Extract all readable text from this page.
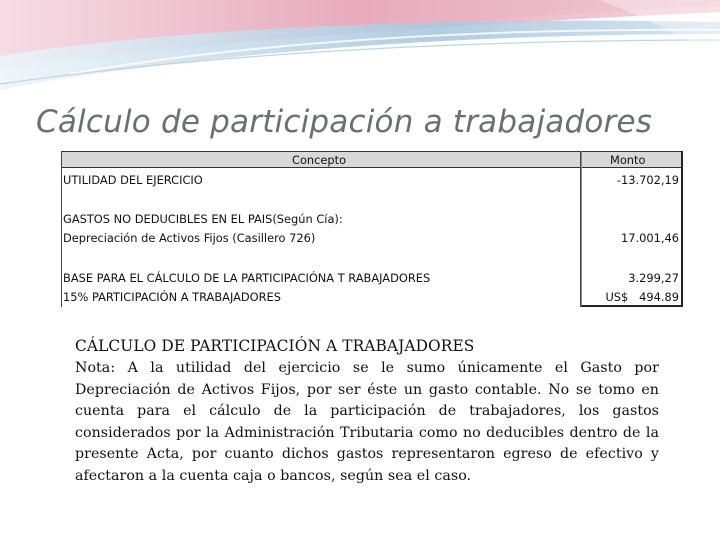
Cálculo de participación a trabajadores
Concepto	Monto
UTILIDAD DEL EJERCICIO	-13.702,19
GASTOS NO DEDUCIBLES EN EL PAIS(Según Cía):
Depreciación de Activos Fijos (Casillero 726)	17.001,46
BASE PARA EL CÁLCULO DE LA PARTICIPACIÓNA T RABAJADORES	3.299,27
15% PARTICIPACIÓN A TRABAJADORES	US$   494.89
CÁLCULO DE PARTICIPACIÓN A TRABAJADORES

Nota: A la utilidad del ejercicio se le sumo únicamente el Gasto por Depreciación de Activos Fijos, por ser éste un gasto contable. No se tomo en cuenta para el cálculo de la participación de trabajadores, los gastos considerados por la Administración Tributaria como no deducibles dentro de la presente Acta, por cuanto dichos gastos representaron egreso de efectivo y afectaron a la cuenta caja o bancos, según sea el caso.
